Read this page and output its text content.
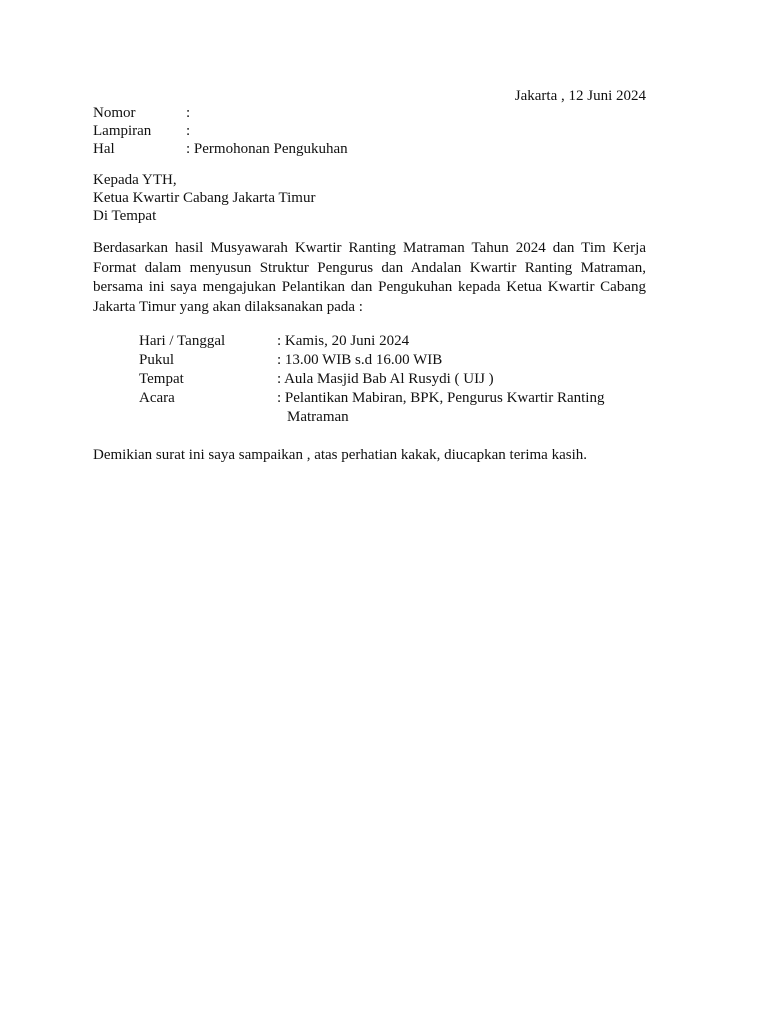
Jakarta , 12 Juni 2024
Nomor	:
Lampiran	:
Hal	: Permohonan Pengukuhan
Kepada YTH,
Ketua Kwartir Cabang Jakarta Timur
Di Tempat

Berdasarkan hasil Musyawarah Kwartir Ranting Matraman Tahun 2024 dan Tim Kerja Format dalam menyusun Struktur Pengurus dan Andalan Kwartir Ranting Matraman, bersama ini saya mengajukan Pelantikan dan Pengukuhan kepada Ketua Kwartir Cabang Jakarta Timur yang akan dilaksanakan pada :

Hari / Tanggal	: Kamis, 20 Juni 2024
Pukul	: 13.00 WIB s.d 16.00 WIB
Tempat	: Aula Masjid Bab Al Rusydi ( UIJ )
Acara	: Pelantikan Mabiran, BPK, Pengurus Kwartir Ranting Matraman
Demikian surat ini saya sampaikan , atas perhatian kakak, diucapkan terima kasih.
